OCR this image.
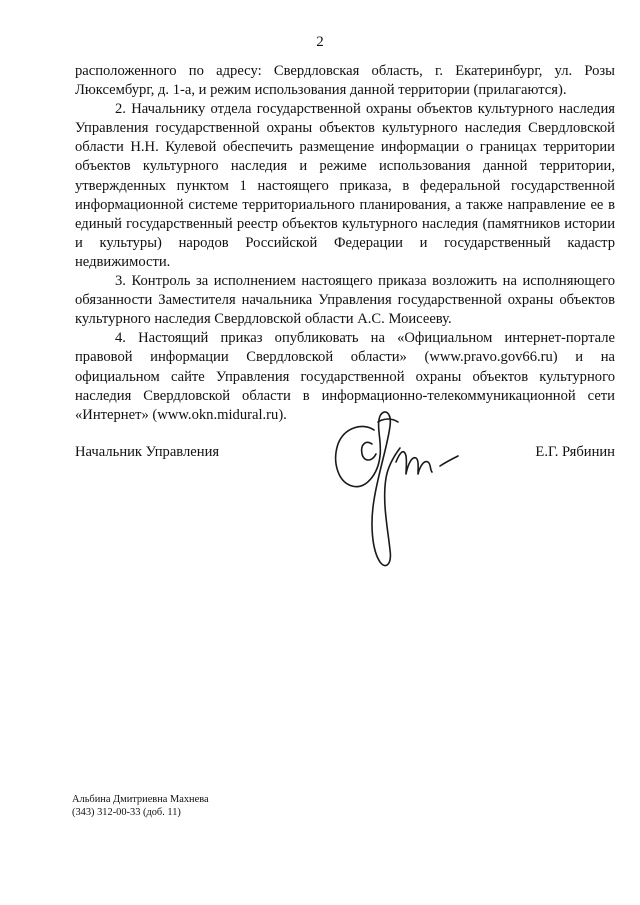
2

расположенного по адресу: Свердловская область, г. Екатеринбург, ул. Розы Люксембург, д. 1-а, и режим использования данной территории (прилагаются).

2. Начальнику отдела государственной охраны объектов культурного наследия Управления государственной охраны объектов культурного наследия Свердловской области Н.Н. Кулевой обеспечить размещение информации о границах территории объектов культурного наследия и режиме использования данной территории, утвержденных пунктом 1 настоящего приказа, в федеральной государственной информационной системе территориального планирования, а также направление ее в единый государственный реестр объектов культурного наследия (памятников истории и культуры) народов Российской Федерации и государственный кадастр недвижимости.

3. Контроль за исполнением настоящего приказа возложить на исполняющего обязанности Заместителя начальника Управления государственной охраны объектов культурного наследия Свердловской области А.С. Моисееву.

4. Настоящий приказ опубликовать на «Официальном интернет-портале правовой информации Свердловской области» (www.pravo.gov66.ru) и на официальном сайте Управления государственной охраны объектов культурного наследия Свердловской области в информационно-телекоммуникационной сети «Интернет» (www.okn.midural.ru).

Начальник Управления	Е.Г. Рябинин
Альбина Дмитриевна Махнева
(343) 312-00-33 (доб. 11)
